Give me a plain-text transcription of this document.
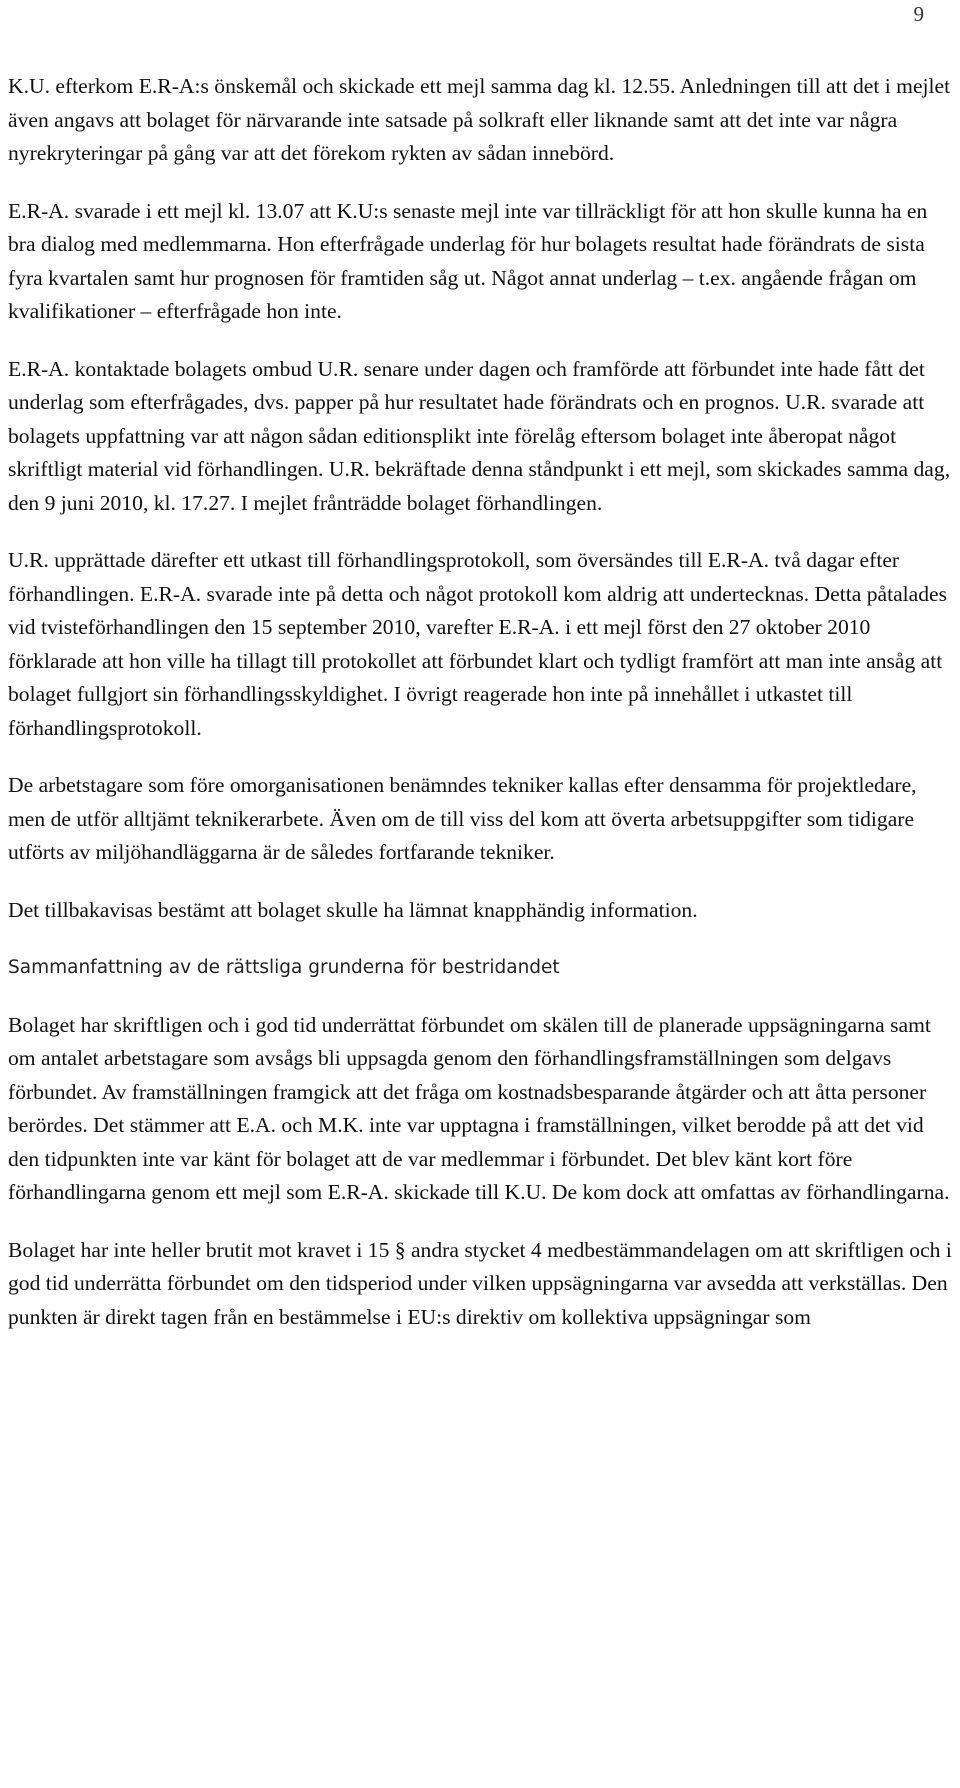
9

K.U. efterkom E.R-A:s önskemål och skickade ett mejl samma dag kl. 12.55. Anledningen till att det i mejlet även angavs att bolaget för närvarande inte satsade på solkraft eller liknande samt att det inte var några nyrekryteringar på gång var att det förekom rykten av sådan innebörd.

E.R-A. svarade i ett mejl kl. 13.07 att K.U:s senaste mejl inte var tillräckligt för att hon skulle kunna ha en bra dialog med medlemmarna. Hon efterfrågade underlag för hur bolagets resultat hade förändrats de sista fyra kvartalen samt hur prognosen för framtiden såg ut. Något annat underlag – t.ex. angående frågan om kvalifikationer – efterfrågade hon inte.

E.R-A. kontaktade bolagets ombud U.R. senare under dagen och framförde att förbundet inte hade fått det underlag som efterfrågades, dvs. papper på hur resultatet hade förändrats och en prognos. U.R. svarade att bolagets uppfattning var att någon sådan editionsplikt inte förelåg eftersom bolaget inte åberopat något skriftligt material vid förhandlingen. U.R. bekräftade denna ståndpunkt i ett mejl, som skickades samma dag, den 9 juni 2010, kl. 17.27. I mejlet frånträdde bolaget förhandlingen.

U.R. upprättade därefter ett utkast till förhandlingsprotokoll, som översändes till E.R-A. två dagar efter förhandlingen. E.R-A. svarade inte på detta och något protokoll kom aldrig att undertecknas. Detta påtalades vid tvisteförhandlingen den 15 september 2010, varefter E.R-A. i ett mejl först den 27 oktober 2010 förklarade att hon ville ha tillagt till protokollet att förbundet klart och tydligt framfört att man inte ansåg att bolaget fullgjort sin förhandlingsskyldighet. I övrigt reagerade hon inte på innehållet i utkastet till förhandlingsprotokoll.

De arbetstagare som före omorganisationen benämndes tekniker kallas efter densamma för projektledare, men de utför alltjämt teknikerarbete. Även om de till viss del kom att överta arbetsuppgifter som tidigare utförts av miljöhandläggarna är de således fortfarande tekniker.

Det tillbakavisas bestämt att bolaget skulle ha lämnat knapphändig information.

Sammanfattning av de rättsliga grunderna för bestridandet

Bolaget har skriftligen och i god tid underrättat förbundet om skälen till de planerade uppsägningarna samt om antalet arbetstagare som avsågs bli uppsagda genom den förhandlingsframställningen som delgavs förbundet. Av framställningen framgick att det fråga om kostnadsbesparande åtgärder och att åtta personer berördes. Det stämmer att E.A. och M.K. inte var upptagna i framställningen, vilket berodde på att det vid den tidpunkten inte var känt för bolaget att de var medlemmar i förbundet. Det blev känt kort före förhandlingarna genom ett mejl som E.R-A. skickade till K.U. De kom dock att omfattas av förhandlingarna.

Bolaget har inte heller brutit mot kravet i 15 § andra stycket 4 medbestämmandelagen om att skriftligen och i god tid underrätta förbundet om den tidsperiod under vilken uppsägningarna var avsedda att verkställas. Den punkten är direkt tagen från en bestämmelse i EU:s direktiv om kollektiva uppsägningar som
